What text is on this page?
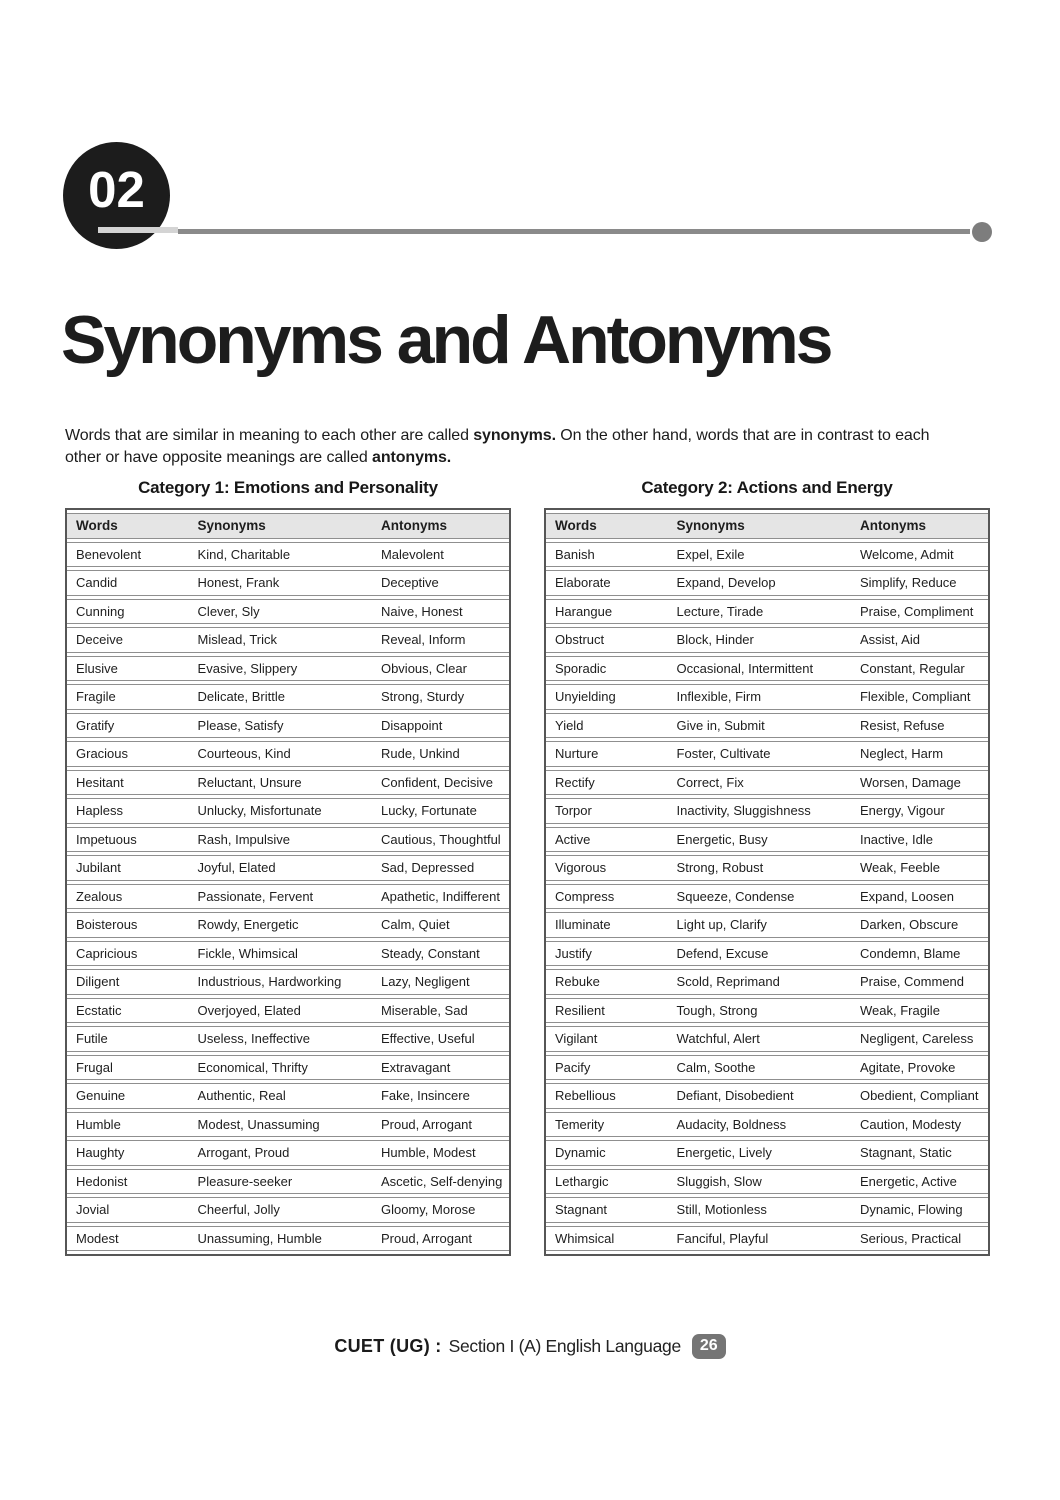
02
Synonyms and Antonyms

Words that are similar in meaning to each other are called synonyms. On the other hand, words that are in contrast to each other or have opposite meanings are called antonyms.

Category 1: Emotions and Personality
Words	Synonyms	Antonyms
Benevolent	Kind, Charitable	Malevolent
Candid	Honest, Frank	Deceptive
Cunning	Clever, Sly	Naive, Honest
Deceive	Mislead, Trick	Reveal, Inform
Elusive	Evasive, Slippery	Obvious, Clear
Fragile	Delicate, Brittle	Strong, Sturdy
Gratify	Please, Satisfy	Disappoint
Gracious	Courteous, Kind	Rude, Unkind
Hesitant	Reluctant, Unsure	Confident, Decisive
Hapless	Unlucky, Misfortunate	Lucky, Fortunate
Impetuous	Rash, Impulsive	Cautious, Thoughtful
Jubilant	Joyful, Elated	Sad, Depressed
Zealous	Passionate, Fervent	Apathetic, Indifferent
Boisterous	Rowdy, Energetic	Calm, Quiet
Capricious	Fickle, Whimsical	Steady, Constant
Diligent	Industrious, Hardworking	Lazy, Negligent
Ecstatic	Overjoyed, Elated	Miserable, Sad
Futile	Useless, Ineffective	Effective, Useful
Frugal	Economical, Thrifty	Extravagant
Genuine	Authentic, Real	Fake, Insincere
Humble	Modest, Unassuming	Proud, Arrogant
Haughty	Arrogant, Proud	Humble, Modest
Hedonist	Pleasure-seeker	Ascetic, Self-denying
Jovial	Cheerful, Jolly	Gloomy, Morose
Modest	Unassuming, Humble	Proud, Arrogant
Category 2: Actions and Energy
Words	Synonyms	Antonyms
Banish	Expel, Exile	Welcome, Admit
Elaborate	Expand, Develop	Simplify, Reduce
Harangue	Lecture, Tirade	Praise, Compliment
Obstruct	Block, Hinder	Assist, Aid
Sporadic	Occasional, Intermittent	Constant, Regular
Unyielding	Inflexible, Firm	Flexible, Compliant
Yield	Give in, Submit	Resist, Refuse
Nurture	Foster, Cultivate	Neglect, Harm
Rectify	Correct, Fix	Worsen, Damage
Torpor	Inactivity, Sluggishness	Energy, Vigour
Active	Energetic, Busy	Inactive, Idle
Vigorous	Strong, Robust	Weak, Feeble
Compress	Squeeze, Condense	Expand, Loosen
Illuminate	Light up, Clarify	Darken, Obscure
Justify	Defend, Excuse	Condemn, Blame
Rebuke	Scold, Reprimand	Praise, Commend
Resilient	Tough, Strong	Weak, Fragile
Vigilant	Watchful, Alert	Negligent, Careless
Pacify	Calm, Soothe	Agitate, Provoke
Rebellious	Defiant, Disobedient	Obedient, Compliant
Temerity	Audacity, Boldness	Caution, Modesty
Dynamic	Energetic, Lively	Stagnant, Static
Lethargic	Sluggish, Slow	Energetic, Active
Stagnant	Still, Motionless	Dynamic, Flowing
Whimsical	Fanciful, Playful	Serious, Practical
CUET (UG) : Section I (A) English Language	26
